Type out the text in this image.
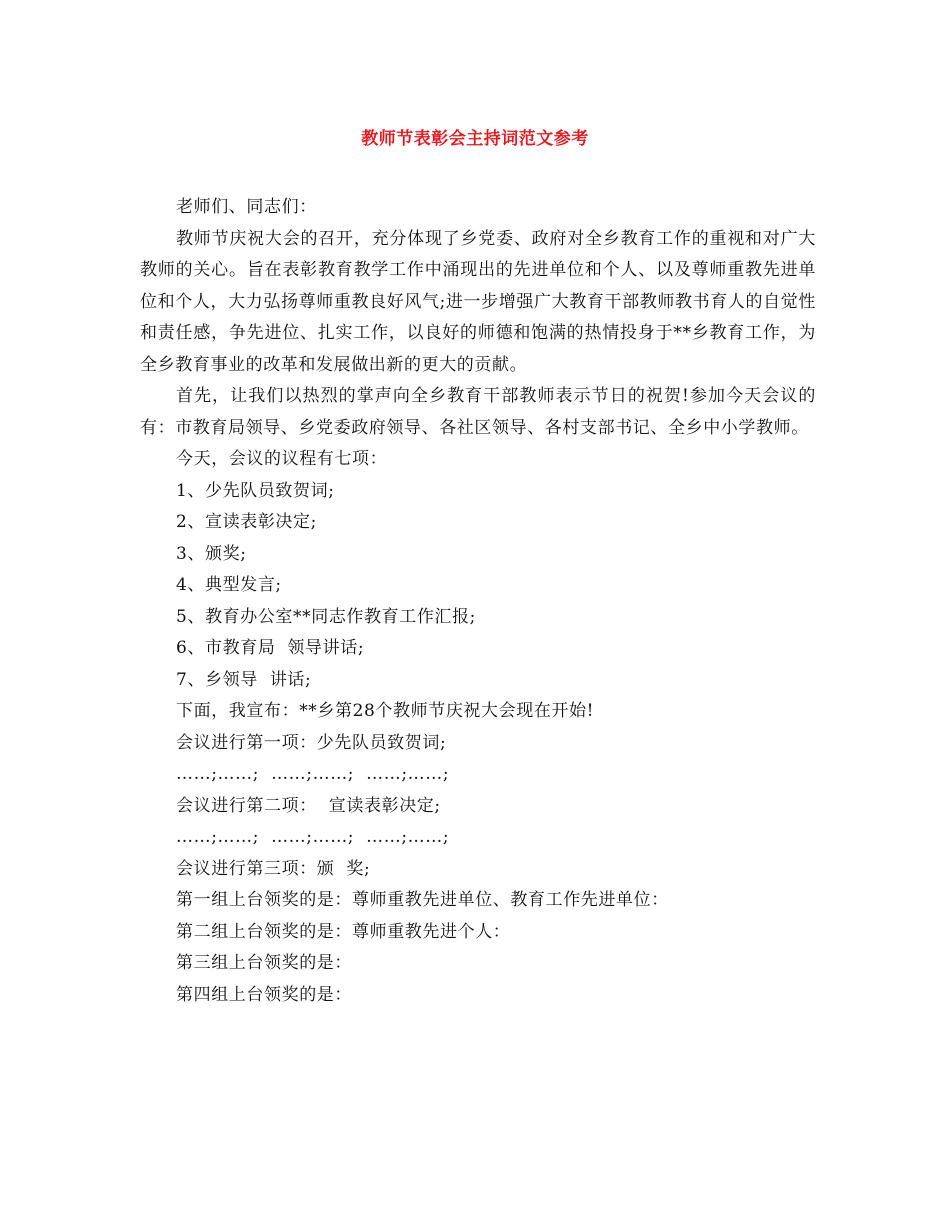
教师节表彰会主持词范文参考

老师们、同志们：

教师节庆祝大会的召开，充分体现了乡党委、政府对全乡教育工作的重视和对广大教师的关心。旨在表彰教育教学工作中涌现出的先进单位和个人、以及尊师重教先进单位和个人，大力弘扬尊师重教良好风气;进一步增强广大教育干部教师教书育人的自觉性和责任感，争先进位、扎实工作，以良好的师德和饱满的热情投身于**乡教育工作，为全乡教育事业的改革和发展做出新的更大的贡献。

首先，让我们以热烈的掌声向全乡教育干部教师表示节日的祝贺!参加今天会议的有：市教育局领导、乡党委政府领导、各社区领导、各村支部书记、全乡中小学教师。

今天，会议的议程有七项：

1、少先队员致贺词;

2、宣读表彰决定;

3、颁奖;

4、典型发言;

5、教育办公室**同志作教育工作汇报;

6、市教育局  领导讲话;

7、乡领导  讲话;

下面，我宣布：**乡第28个教师节庆祝大会现在开始!

会议进行第一项：少先队员致贺词;

……;……;  ……;……;  ……;……;

会议进行第二项：  宣读表彰决定;

……;……;  ……;……;  ……;……;

会议进行第三项：颁  奖;

第一组上台领奖的是：尊师重教先进单位、教育工作先进单位：

第二组上台领奖的是：尊师重教先进个人：

第三组上台领奖的是：

第四组上台领奖的是：
